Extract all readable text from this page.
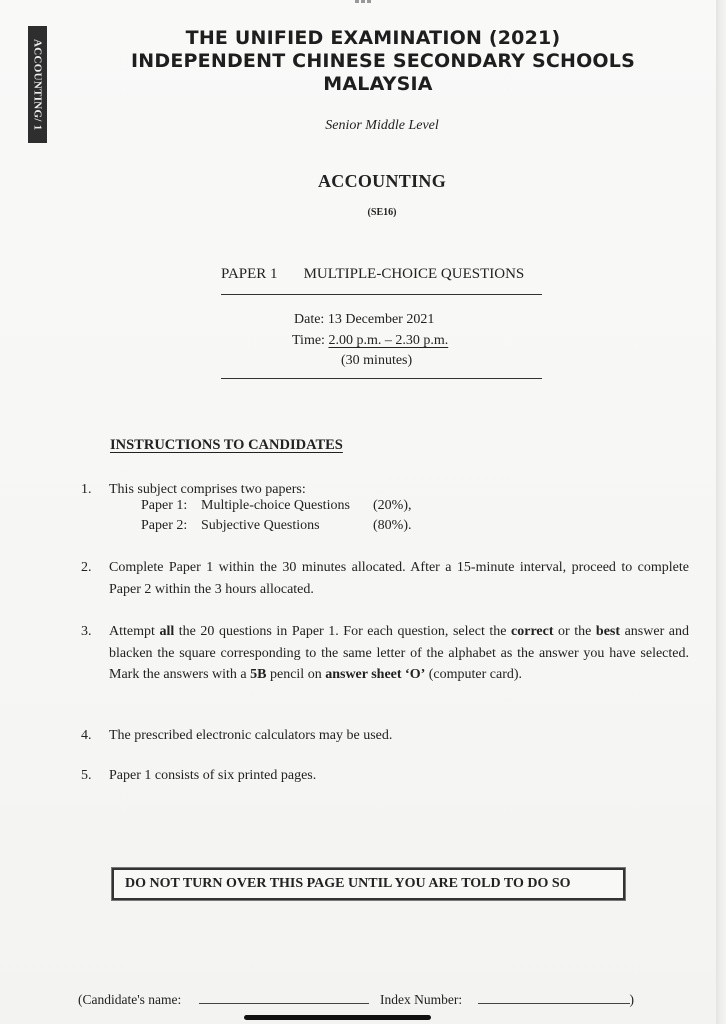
ACCOUNTING/ 1
THE UNIFIED EXAMINATION (2021)
INDEPENDENT CHINESE SECONDARY SCHOOLS
MALAYSIA
Senior Middle Level
ACCOUNTING
(SE16)
PAPER 1 MULTIPLE-CHOICE QUESTIONS
Date: 13 December 2021
Time: 2.00 p.m. – 2.30 p.m.
(30 minutes)
INSTRUCTIONS TO CANDIDATES
1. This subject comprises two papers:
Paper 1: Multiple-choice Questions (20%),
Paper 2: Subjective Questions	(80%).
2. Complete Paper 1 within the 30 minutes allocated. After a 15-minute interval, proceed to complete Paper 2 within the 3 hours allocated.
3. Attempt all the 20 questions in Paper 1. For each question, select the correct or the best answer and blacken the square corresponding to the same letter of the alphabet as the answer you have selected. Mark the answers with a 5B pencil on answer sheet ‘O’ (computer card).
4. The prescribed electronic calculators may be used.
5. Paper 1 consists of six printed pages.
DO NOT TURN OVER THIS PAGE UNTIL YOU ARE TOLD TO DO SO
(Candidate's name:	Index Number:	)
